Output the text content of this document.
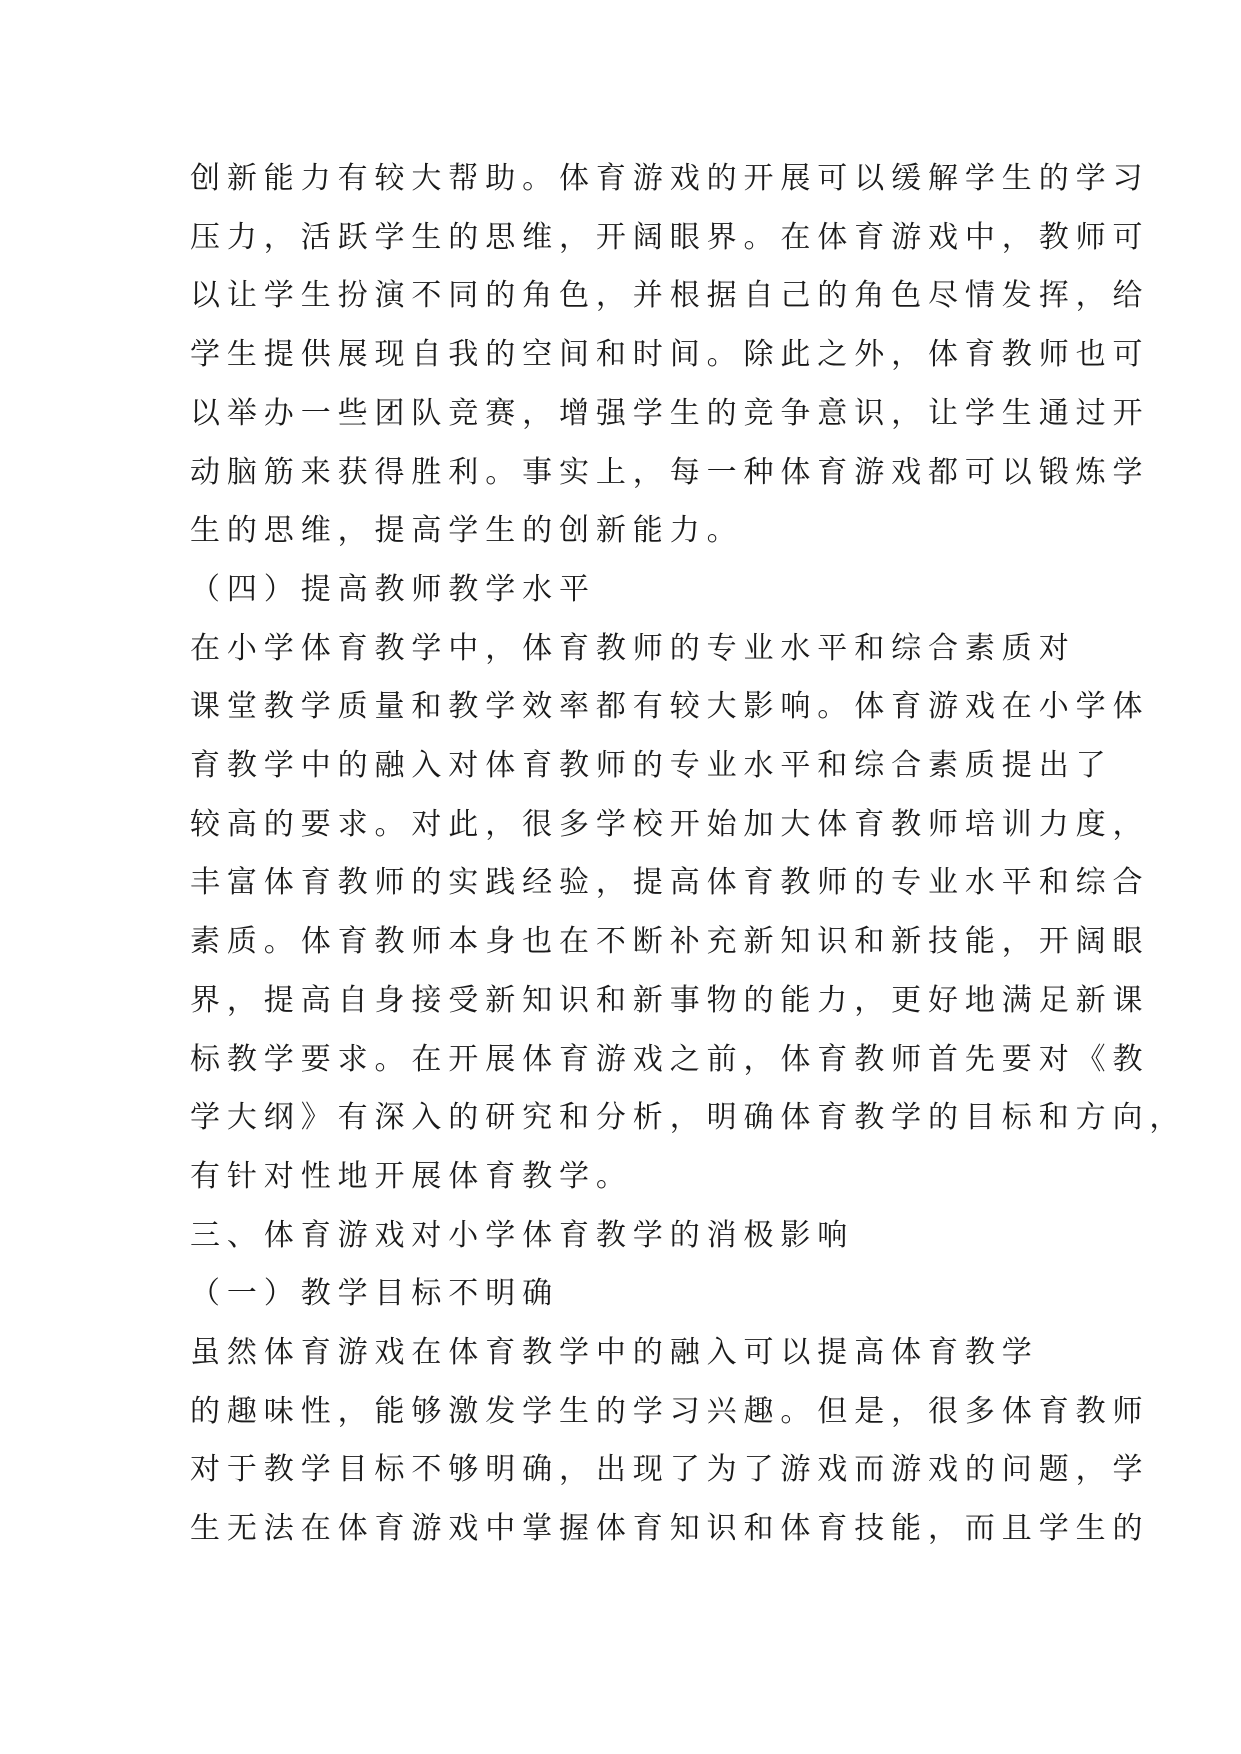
创新能力有较大帮助。体育游戏的开展可以缓解学生的学习

压力，活跃学生的思维，开阔眼界。在体育游戏中，教师可

以让学生扮演不同的角色，并根据自己的角色尽情发挥，给

学生提供展现自我的空间和时间。除此之外，体育教师也可

以举办一些团队竞赛，增强学生的竞争意识，让学生通过开

动脑筋来获得胜利。事实上，每一种体育游戏都可以锻炼学

生的思维，提高学生的创新能力。

（四）提高教师教学水平

在小学体育教学中，体育教师的专业水平和综合素质对

课堂教学质量和教学效率都有较大影响。体育游戏在小学体

育教学中的融入对体育教师的专业水平和综合素质提出了

较高的要求。对此，很多学校开始加大体育教师培训力度，

丰富体育教师的实践经验，提高体育教师的专业水平和综合

素质。体育教师本身也在不断补充新知识和新技能，开阔眼

界，提高自身接受新知识和新事物的能力，更好地满足新课

标教学要求。在开展体育游戏之前，体育教师首先要对《教

学大纲》有深入的研究和分析，明确体育教学的目标和方向，

有针对性地开展体育教学。

三、体育游戏对小学体育教学的消极影响

（一）教学目标不明确

虽然体育游戏在体育教学中的融入可以提高体育教学

的趣味性，能够激发学生的学习兴趣。但是，很多体育教师

对于教学目标不够明确，出现了为了游戏而游戏的问题，学

生无法在体育游戏中掌握体育知识和体育技能，而且学生的
